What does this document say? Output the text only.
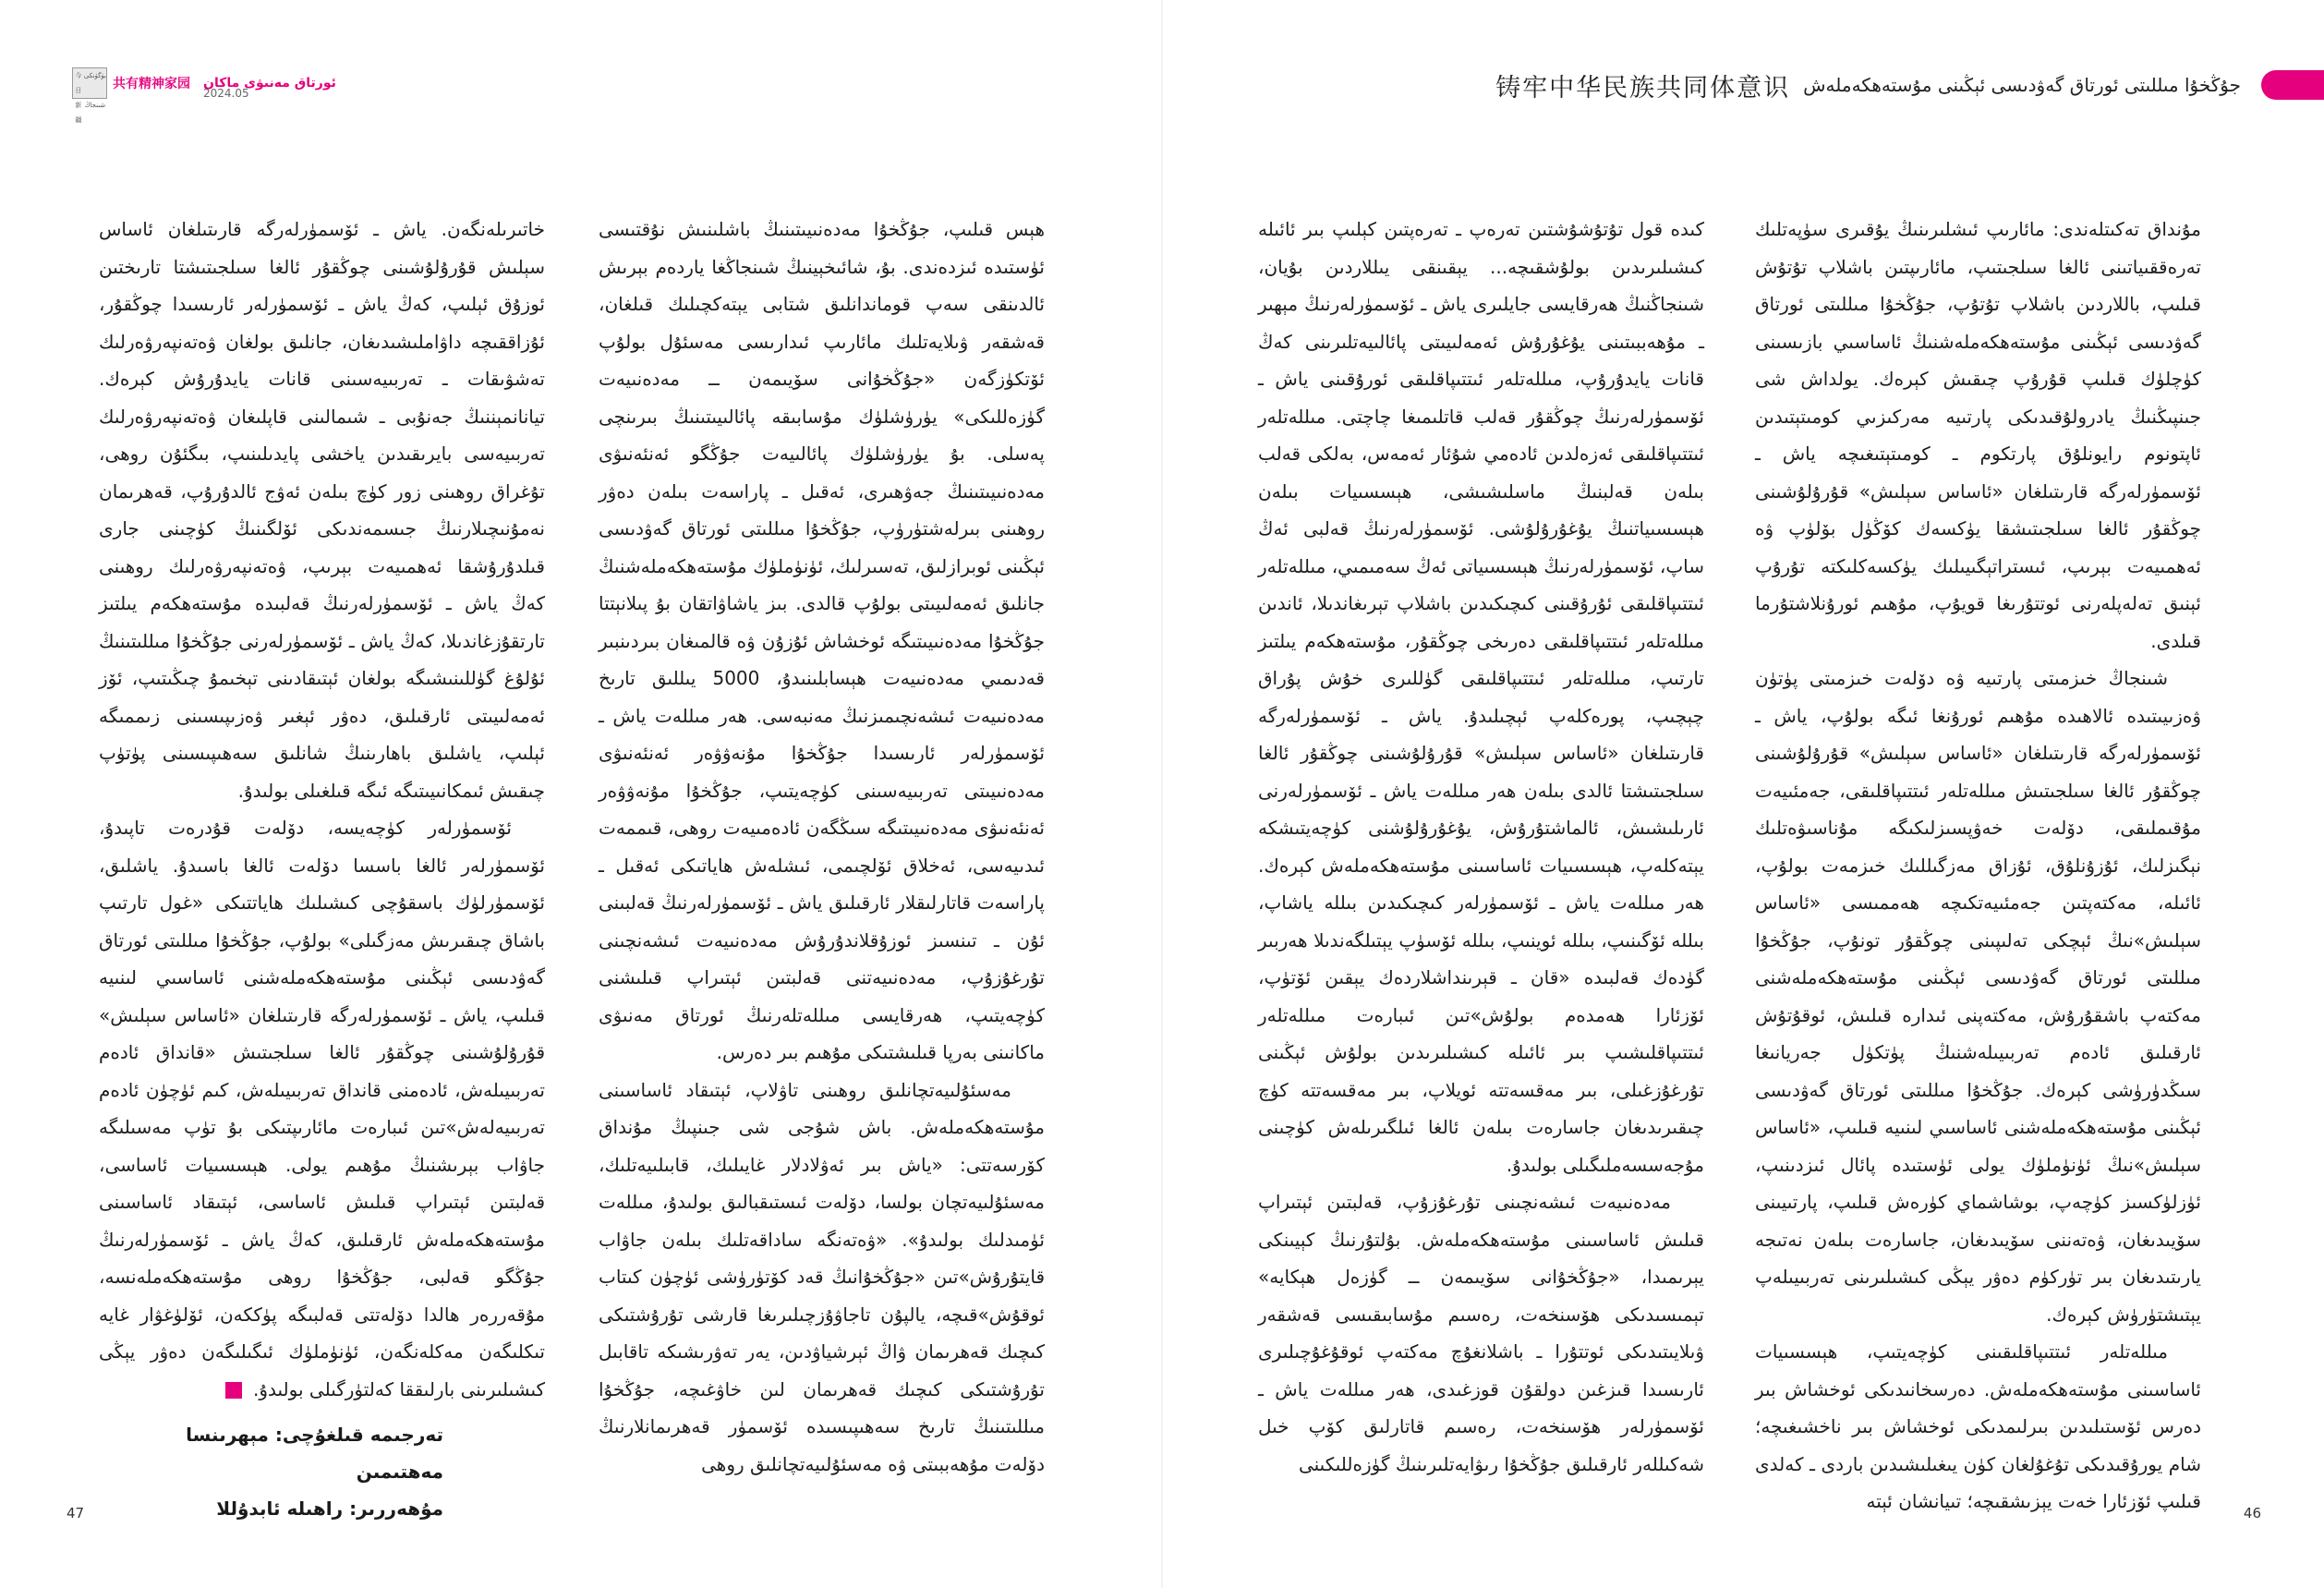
今日
بۈگۈنكى
新疆
شىنجاڭ
共有精神家园 ئورتاق مەنىۋى ماكان
2024.05	铸牢中华民族共同体意识 جۇڭخۇا مىللىتى ئورتاق گەۋدىسى ئېڭىنى مۇستەھكەملەش

مۇنداق تەكىتلەندى: مائارىپ ئىشلىرىنىڭ يۇقىرى سۈپەتلىك تەرەققىياتىنى ئالغا سىلجىتىپ، مائارىپتىن باشلاپ تۇتۇش قىلىپ، باللاردىن باشلاپ تۇتۇپ، جۇڭخۇا مىللىتى ئورتاق گەۋدىسى ئېڭىنى مۇستەھكەملەشنىڭ ئاساسىي بازىسىنى كۈچلۈك قىلىپ قۇرۇپ چىقىش كېرەك. يولداش شى جىنپىڭنىڭ يادرولۇقىدىكى پارتىيە مەركىزىي كومىتېتىدىن ئاپتونوم رايونلۇق پارتكوم ـ كومىتېتىغىچە ياش ـ ئۆسمۈرلەرگە قارىتىلغان «ئاساس سېلىش» قۇرۇلۇشىنى چوڭقۇر ئالغا سىلجىتىشقا يۈكسەك كۆڭۈل بۆلۈپ ۋە ئەھمىيەت بېرىپ، ئىستراتېگىيىلىك يۈكسەكلىكتە تۇرۇپ ئېنىق تەلەپلەرنى ئوتتۇرىغا قويۇپ، مۇھىم ئورۇنلاشتۇرما قىلدى.

شىنجاڭ خىزمىتى پارتىيە ۋە دۆلەت خىزمىتى پۈتۈن ۋەزىيىتىدە ئالاھىدە مۇھىم ئورۇنغا ئىگە بولۇپ، ياش ـ ئۆسمۈرلەرگە قارىتىلغان «ئاساس سېلىش» قۇرۇلۇشىنى چوڭقۇر ئالغا سىلجىتىش مىللەتلەر ئىتتىپاقلىقى، جەمئىيەت مۇقىملىقى، دۆلەت خەۋپسىزلىكىگە مۇناسىۋەتلىك نېگىزلىك، ئۇزۇنلۇق، ئۇزاق مەزگىللىك خىزمەت بولۇپ، ئائىلە، مەكتەپتىن جەمئىيەتكىچە ھەممىسى «ئاساس سېلىش»نىڭ ئېچكى تەلىپىنى چوڭقۇر تونۇپ، جۇڭخۇا مىللىتى ئورتاق گەۋدىسى ئېڭىنى مۇستەھكەملەشنى مەكتەپ باشقۇرۇش، مەكتەپنى ئىدارە قىلىش، ئوقۇتۇش ئارقىلىق ئادەم تەربىيىلەشنىڭ پۈتكۈل جەريانىغا سىڭدۈرۈشى كېرەك. جۇڭخۇا مىللىتى ئورتاق گەۋدىسى ئېڭىنى مۇستەھكەملەشنى ئاساسىي لىنىيە قىلىپ، «ئاساس سېلىش»نىڭ ئۈنۈملۈك يولى ئۈستىدە پائال ئىزدىنىپ، ئۈزلۈكسىز كۈچەپ، بوشاشماي كۈرەش قىلىپ، پارتىيىنى سۆيىدىغان، ۋەتەننى سۆيىدىغان، جاسارەت بىلەن نەتىجە يارىتىدىغان بىر تۈركۈم دەۋر يېڭى كىشىلىرىنى تەربىيىلەپ يېتىشتۈرۈش كېرەك.

مىللەتلەر ئىتتىپاقلىقىنى كۈچەيتىپ، ھېسسىيات ئاساسىنى مۇستەھكەملەش. دەرسخانىدىكى ئوخشاش بىر دەرس ئۆستىلىدىن بىرلىمدىكى ئوخشاش بىر ناخشىغىچە؛ شام يورۇقىدىكى تۇغۇلغان كۈن يىغىلىشىدىن باردى ـ كەلدى قىلىپ ئۆزئارا خەت يېزىشقىچە؛ تىيانشان ئېتە

كىدە قول تۇتۇشۇشتىن تەرەپ ـ تەرەپتىن كېلىپ بىر ئائىلە كىشىلىرىدىن بولۇشقىچە... يېقىنقى يىللاردىن بۇيان، شىنجاڭنىڭ ھەرقايسى جايلىرى ياش ـ ئۆسمۈرلەرنىڭ مېھىر ـ مۇھەببىتىنى يۇغۇرۇش ئەمەلىيىتى پائالىيەتلىرىنى كەڭ قانات يايدۇرۇپ، مىللەتلەر ئىتتىپاقلىقى ئورۇقىنى ياش ـ ئۆسمۈرلەرنىڭ چوڭقۇر قەلب قاتلىمىغا چاچتى. مىللەتلەر ئىتتىپاقلىقى ئەزەلدىن ئادەمي شۇئار ئەمەس، بەلكى قەلب بىلەن قەلبنىڭ ماسلىشىشى، ھېسسىيات بىلەن ھېسسىياتنىڭ يۇغۇرۇلۇشى. ئۆسمۈرلەرنىڭ قەلبى ئەڭ ساپ، ئۆسمۈرلەرنىڭ ھېسسىياتى ئەڭ سەمىمىي، مىللەتلەر ئىتتىپاقلىقى ئۇرۇقىنى كىچىكىدىن باشلاپ تېرىغاندىلا، ئاندىن مىللەتلەر ئىتتىپاقلىقى دەرىخى چوڭقۇر، مۇستەھكەم يىلتىز تارتىپ، مىللەتلەر ئىتتىپاقلىقى گۈللىرى خۇش پۇراق چېچىپ، پورەكلەپ ئېچىلىدۇ. ياش ـ ئۆسمۈرلەرگە قارىتىلغان «ئاساس سېلىش» قۇرۇلۇشىنى چوڭقۇر ئالغا سىلجىتىشتا ئالدى بىلەن ھەر مىللەت ياش ـ ئۆسمۈرلەرنى ئارىلىشىش، ئالماشتۇرۇش، يۇغۇرۇلۇشنى كۈچەيتىشكە يېتەكلەپ، ھېسسىيات ئاساسىنى مۇستەھكەملەش كېرەك. ھەر مىللەت ياش ـ ئۆسمۈرلەر كىچىكىدىن بىللە ياشاپ، بىللە ئۆگىنىپ، بىللە ئوينىپ، بىللە ئۆسۈپ يېتىلگەندىلا ھەربىر گۈدەك قەلبىدە «قان ـ قېرىنداشلاردەك يېقىن ئۆتۈپ، ئۆزئارا ھەمدەم بولۇش»تىن ئىبارەت مىللەتلەر ئىتتىپاقلىشىپ بىر ئائىلە كىشىلىرىدىن بولۇش ئېڭىنى تۇرغۇزغىلى، بىر مەقسەتتە ئويلاپ، بىر مەقسەتتە كۈچ چىقىرىدىغان جاسارەت بىلەن ئالغا ئىلگىرىلەش كۈچىنى مۇجەسسەملىگىلى بولىدۇ.

مەدەنىيەت ئىشەنچىنى تۇرغۇزۇپ، قەلبتىن ئېتىراپ قىلىش ئاساسىنى مۇستەھكەملەش. بۇلتۇرنىڭ كېيىنكى يېرىمىدا، «جۇڭخۇانى سۆيىمەن ــ گۈزەل ھېكايە» تېمىسىدىكى ھۆسنخەت، رەسىم مۇسابىقىسى قەشقەر ۋىلايىتىدىكى ئوتتۇرا ـ باشلانغۇچ مەكتەپ ئوقۇغۇچىلىرى ئارىسىدا قىزغىن دولقۇن قوزغىدى، ھەر مىللەت ياش ـ ئۆسمۈرلەر ھۆسنخەت، رەسىم قاتارلىق كۆپ خىل شەكىللەر ئارقىلىق جۇڭخۇا رىۋايەتلىرىنىڭ گۈزەللىكىنى

ھېس قىلىپ، جۇڭخۇا مەدەنىيىتىنىڭ باشلىنىش نۇقتىسى ئۈستىدە ئىزدەندى. بۇ، شائىخېينىڭ شىنجاڭغا ياردەم بېرىش ئالدىنقى سەپ قوماندانلىق شتابى يېتەكچىلىك قىلغان، قەشقەر ۋىلايەتلىك مائارىپ ئىدارىسى مەسئۇل بولۇپ ئۆتكۈزگەن «جۇڭخۇانى سۆيىمەن ــ مەدەنىيەت گۈزەللىكى» يۈرۈشلۈك مۇسابىقە پائالىيىتىنىڭ بىرىنچى پەسلى. بۇ يۈرۈشلۈك پائالىيەت جۇڭگو ئەنئەنىۋى مەدەنىيىتىنىڭ جەۋھىرى، ئەقىل ـ پاراسەت بىلەن دەۋر روھىنى بىرلەشتۈرۈپ، جۇڭخۇا مىللىتى ئورتاق گەۋدىسى ئېڭىنى ئوبرازلىق، تەسىرلىك، ئۈنۈملۈك مۇستەھكەملەشنىڭ جانلىق ئەمەلىيىتى بولۇپ قالدى. بىز ياشاۋاتقان بۇ پىلانېتتا جۇڭخۇا مەدەنىيىتىگە ئوخشاش ئۇزۇن ۋە قالمىغان بىردىنبىر قەدىمىي مەدەنىيەت ھېسابلىنىدۇ، 5000 يىللىق تارىخ مەدەنىيەت ئىشەنچىمىزنىڭ مەنبەسى. ھەر مىللەت ياش ـ ئۆسمۈرلەر ئارىسىدا جۇڭخۇا مۇنەۋۋەر ئەنئەنىۋى مەدەنىيىتى تەربىيەسىنى كۈچەيتىپ، جۇڭخۇا مۇنەۋۋەر ئەنئەنىۋى مەدەنىيىتىگە سىڭگەن ئادەمىيەت روھى، قىممەت ئىدىيەسى، ئەخلاق ئۆلچىمى، ئىشلەش ھاياتىكى ئەقىل ـ پاراسەت قاتارلىقلار ئارقىلىق ياش ـ ئۆسمۈرلەرنىڭ قەلبىنى ئۇن ـ تىنسىز ئوزۇقلاندۇرۇش مەدەنىيەت ئىشەنچىنى تۇرغۇزۇپ، مەدەنىيەتنى قەلبتىن ئېتىراپ قىلىشنى كۈچەيتىپ، ھەرقايسى مىللەتلەرنىڭ ئورتاق مەنىۋى ماكانىنى بەرپا قىلىشتىكى مۇھىم بىر دەرس.

مەسئۇلىيەتچانلىق روھىنى تاۋلاپ، ئېتىقاد ئاساسىنى مۇستەھكەملەش. باش شۇجى شى جىنپىڭ مۇنداق كۆرسەتتى: «ياش بىر ئەۋلادلار غايىلىك، قابىلىيەتلىك، مەسئۇلىيەتچان بولسا، دۆلەت ئىستىقبالىق بولىدۇ، مىللەت ئۈمىدلىك بولىدۇ». «ۋەتەنگە ساداقەتلىك بىلەن جاۋاب قايتۇرۇش»تىن «جۇڭخۇانىڭ قەد كۆتۈرۈشى ئۈچۈن كىتاب ئوقۇش»قىچە، يالپۇن تاجاۋۇزچىلىرىغا قارشى تۇرۇشتىكى كىچىك قەھرىمان ۋاڭ ئېرشياۋدىن، يەر تەۋرىشىكە تاقابىل تۇرۇشتىكى كىچىك قەھرىمان لىن خاۋغىچە، جۇڭخۇا مىللىتىنىڭ تارىخ سەھىپىسىدە ئۆسمۈر قەھرىمانلارنىڭ دۆلەت مۇھەببىتى ۋە مەسئۇلىيەتچانلىق روھى

خاتىرىلەنگەن. ياش ـ ئۆسمۈرلەرگە قارىتىلغان ئاساس سېلىش قۇرۇلۇشىنى چوڭقۇر ئالغا سىلجىتىشتا تارىختىن ئوزۇق ئېلىپ، كەڭ ياش ـ ئۆسمۈرلەر ئارىسىدا چوڭقۇر، ئۇزاققىچە داۋاملىشىدىغان، جانلىق بولغان ۋەتەنپەرۋەرلىك تەشۋىقات ـ تەربىيەسىنى قانات يايدۇرۇش كېرەك. تيانانمېننىڭ جەنۇبى ـ شىمالىنى قاپلىغان ۋەتەنپەرۋەرلىك تەربىيەسى بايرىقىدىن ياخشى پايدىلىنىپ، بىگئۇن روھى، تۇغراق روھىنى زور كۈچ بىلەن ئەۋج ئالدۇرۇپ، قەھرىمان نەمۇنىچىلارنىڭ جىسمەندىكى ئۆلگىنىڭ كۈچىنى جارى قىلدۇرۇشقا ئەھمىيەت بېرىپ، ۋەتەنپەرۋەرلىك روھىنى كەڭ ياش ـ ئۆسمۈرلەرنىڭ قەلبىدە مۇستەھكەم يىلتىز تارتقۇزغاندىلا، كەڭ ياش ـ ئۆسمۈرلەرنى جۇڭخۇا مىللىتىنىڭ ئۇلۇغ گۈللىنىشىگە بولغان ئېتىقادىنى تېخىمۇ چىڭىتىپ، ئۆز ئەمەلىيىتى ئارقىلىق، دەۋر ئېغىر ۋەزىپىسىنى زىممىگە ئېلىپ، ياشلىق باھارىنىڭ شانلىق سەھىپىسىنى پۈتۈپ چىقىش ئىمكانىيىتىگە ئىگە قىلغىلى بولىدۇ.

ئۆسمۈرلەر كۈچەيسە، دۆلەت قۇدرەت تاپىدۇ، ئۆسمۈرلەر ئالغا باسسا دۆلەت ئالغا باسىدۇ. ياشلىق، ئۆسمۈرلۈك باسقۇچى كىشىلىك ھاياتتىكى «غول تارتىپ باشاق چىقىرىش مەزگىلى» بولۇپ، جۇڭخۇا مىللىتى ئورتاق گەۋدىسى ئېڭىنى مۇستەھكەملەشنى ئاساسىي لىنىيە قىلىپ، ياش ـ ئۆسمۈرلەرگە قارىتىلغان «ئاساس سېلىش» قۇرۇلۇشىنى چوڭقۇر ئالغا سىلجىتىش «قانداق ئادەم تەربىيىلەش، ئادەمنى قانداق تەربىيىلەش، كىم ئۈچۈن ئادەم تەربىيەلەش»تىن ئىبارەت مائارىپتىكى بۇ تۈپ مەسىلىگە جاۋاب بېرىشنىڭ مۇھىم يولى. ھېسسىيات ئاساسى، قەلبتىن ئېتىراپ قىلىش ئاساسى، ئېتىقاد ئاساسىنى مۇستەھكەملەش ئارقىلىق، كەڭ ياش ـ ئۆسمۈرلەرنىڭ جۇڭگو قەلبى، جۇڭخۇا روھى مۇستەھكەملەنسە، مۇقەررەر ھالدا دۆلەتتى قەلبىگە پۈككەن، ئۆلۈغۋار غايە تىكلىگەن مەكلەنگەن، ئۈنۈملۈك ئىگىلىگەن دەۋر يېڭى كىشىلىرىنى بارلىققا كەلتۈرگىلى بولىدۇ. J

تەرجىمە قىلغۇچى: مېھرىنسا مەھتىمىن
مۇھەررىر: راھىلە ئابدۇللا
47	46
